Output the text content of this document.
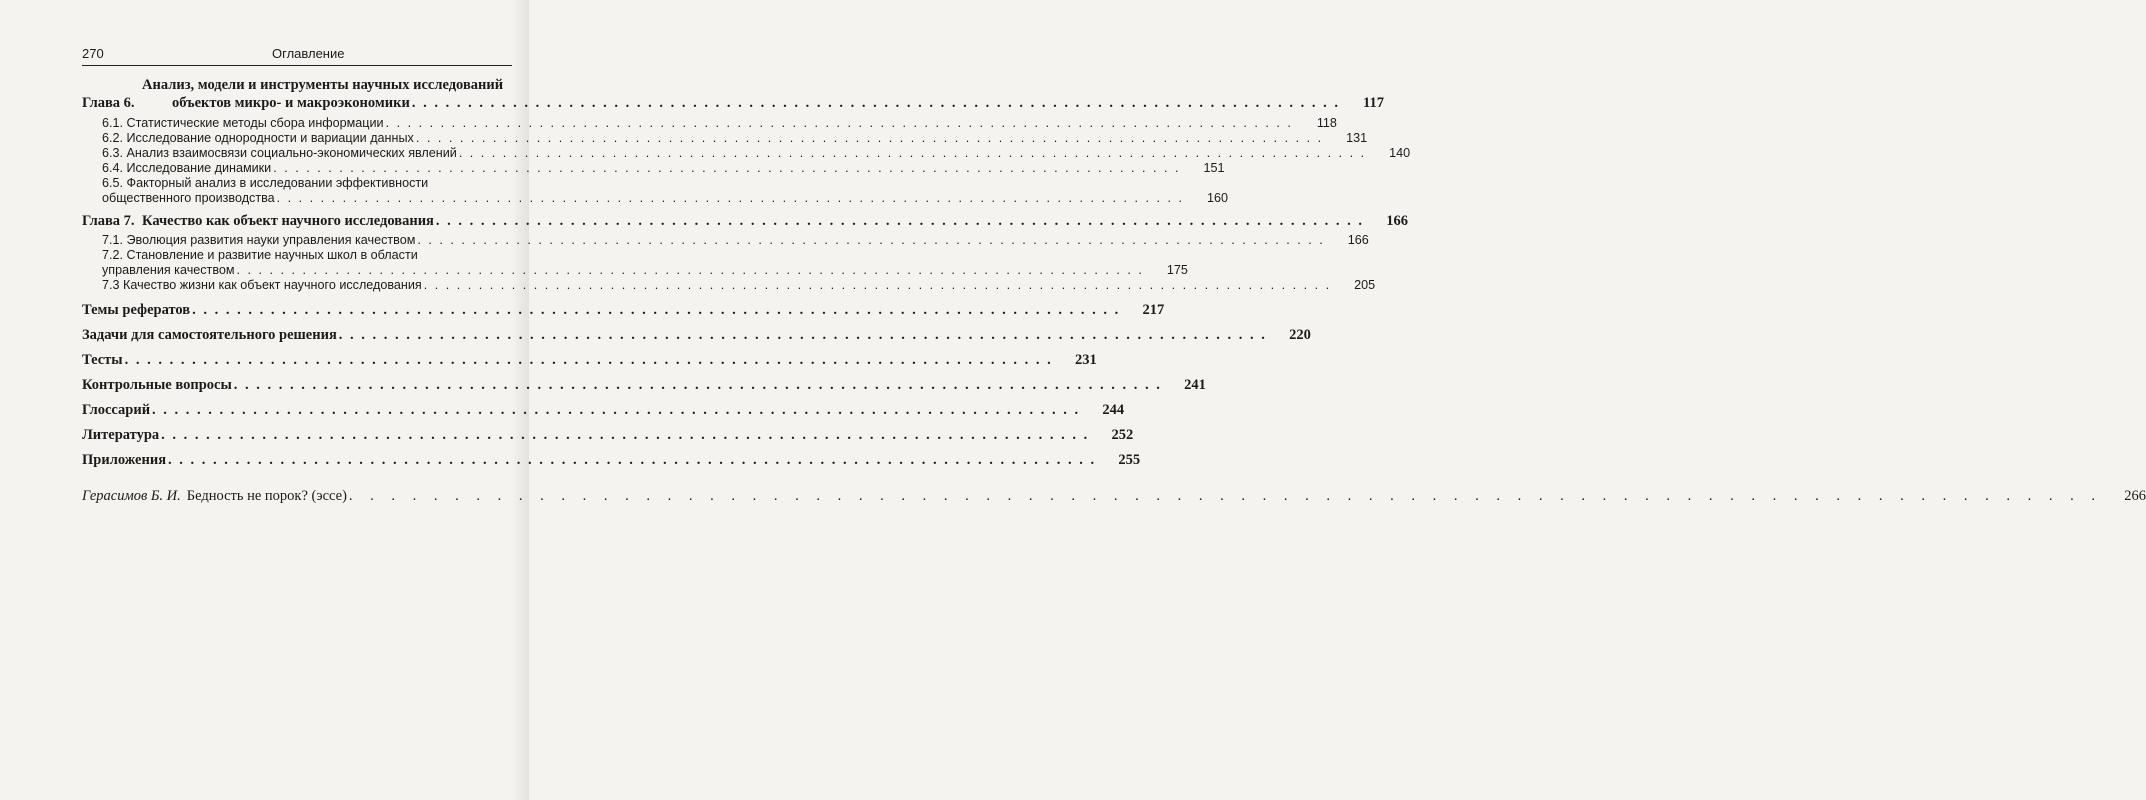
270	Оглавление
Глава 6.
Анализ, модели и инструменты научных исследований
объектов микро- и макроэкономики . . .	117
6.1. Статистические методы сбора информации . . .	118
6.2. Исследование однородности и вариации данных . . .	131
6.3. Анализ взаимосвязи социально-экономических явлений . . .	140
6.4. Исследование динамики . . .	151
6.5. Факторный анализ в исследовании эффективности
общественного производства . . .	160
Глава 7. Качество как объект научного исследования . . .	166
7.1. Эволюция развития науки управления качеством . . .	166
7.2. Становление и развитие научных школ в области
управления качеством . . .	175
7.3 Качество жизни как объект научного исследования . . .	205
Темы рефератов . . .	217
Задачи для самостоятельного решения . . .	220
Тесты . . .	231
Контрольные вопросы . . .	241
Глоссарий . . .	244
Литература . . .	252
Приложения . . .	255
Герасимов Б. И. Бедность не порок? (эссе) . . .	266
